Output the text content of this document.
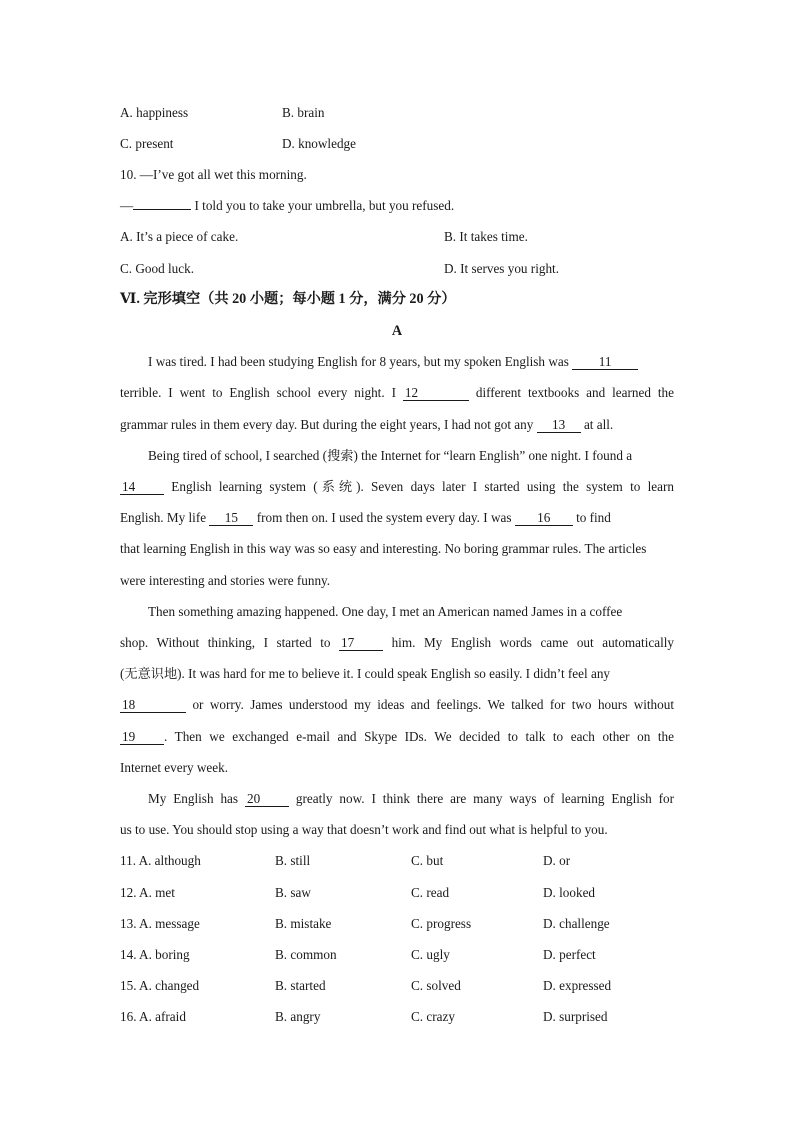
A. happiness	B. brain
C. present	D. knowledge
10. —I’ve got all wet this morning.
—	I told you to take your umbrella, but you refused.
A. It’s a piece of cake.	B. It takes time.
C. Good luck.	D. It serves you right.
Ⅵ. 完形填空（共 20 小题；每小题 1 分，满分 20 分）
A
I was tired. I had been studying English for 8 years, but my spoken English was 11
terrible. I went to English school every night. I 12	different textbooks and learned the
grammar rules in them every day. But during the eight years, I had not got any 13 at all.
Being tired of school, I searched (搜索) the Internet for “learn English” one night. I found a
14 English learning system (系统). Seven days later I started using the system to learn
English. My life 15 from then on. I used the system every day. I was 16 to find
that learning English in this way was so easy and interesting. No boring grammar rules. The articles
were interesting and stories were funny.
Then something amazing happened. One day, I met an American named James in a coffee
shop. Without thinking, I started to 17 him. My English words came out automatically
(无意识地). It was hard for me to believe it. I could speak English so easily. I didn’t feel any
18	or worry. James understood my ideas and feelings. We talked for two hours without
19 . Then we exchanged e-mail and Skype IDs. We decided to talk to each other on the
Internet every week.
My English has 20 greatly now. I think there are many ways of learning English for
us to use. You should stop using a way that doesn’t work and find out what is helpful to you.
11. A. although	B. still	C. but	D. or
12. A. met	B. saw	C. read	D. looked
13. A. message	B. mistake	C. progress	D. challenge
14. A. boring	B. common	C. ugly	D. perfect
15. A. changed	B. started	C. solved	D. expressed
16. A. afraid	B. angry	C. crazy	D. surprised
